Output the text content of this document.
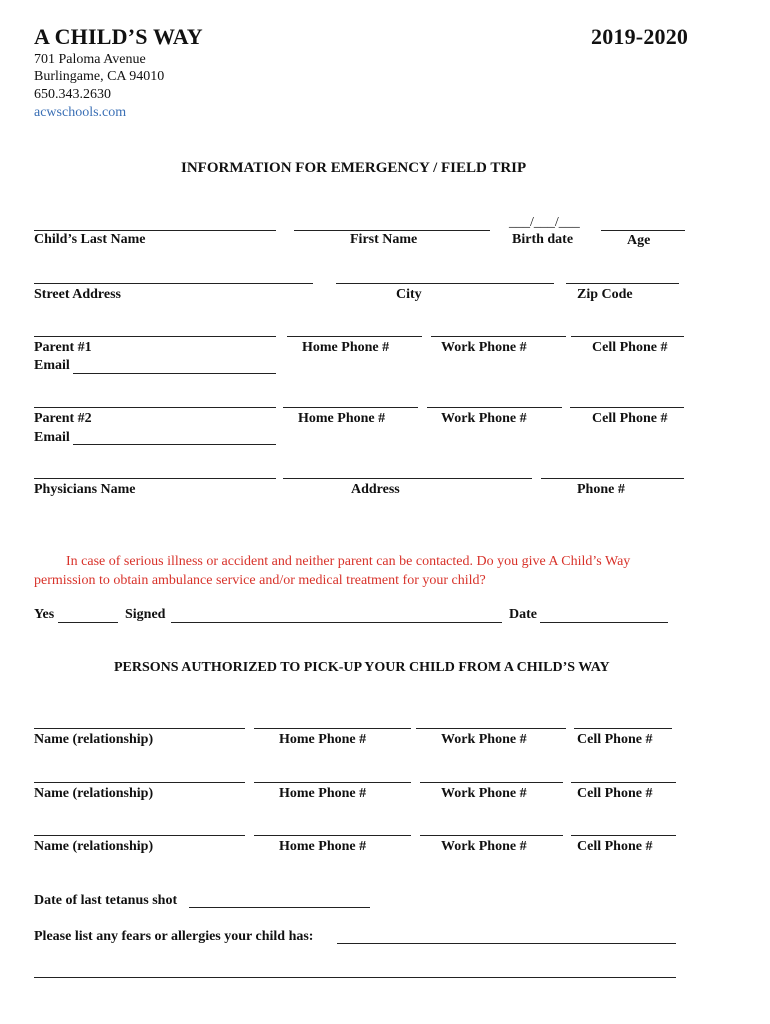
A CHILD’S WAY	2019-2020
701 Paloma Avenue
Burlingame, CA 94010
650.343.2630
acwschools.com
INFORMATION FOR EMERGENCY / FIELD TRIP
___/___/___
Child’s Last Name	First Name	Birth date	Age
Street Address	City	Zip Code
Parent #1	Home Phone #	Work Phone #	Cell Phone #
Email
Parent #2	Home Phone #	Work Phone #	Cell Phone #
Email
Physicians Name	Address	Phone #
In case of serious illness or accident and neither parent can be contacted. Do you give A Child’s Way
permission to obtain ambulance service and/or medical treatment for your child?
Yes	Signed	Date
PERSONS AUTHORIZED TO PICK-UP YOUR CHILD FROM A CHILD’S WAY
Name (relationship)	Home Phone #	Work Phone #	Cell Phone #
Name (relationship)	Home Phone #	Work Phone #	Cell Phone #
Name (relationship)	Home Phone #	Work Phone #	Cell Phone #
Date of last tetanus shot
Please list any fears or allergies your child has:
